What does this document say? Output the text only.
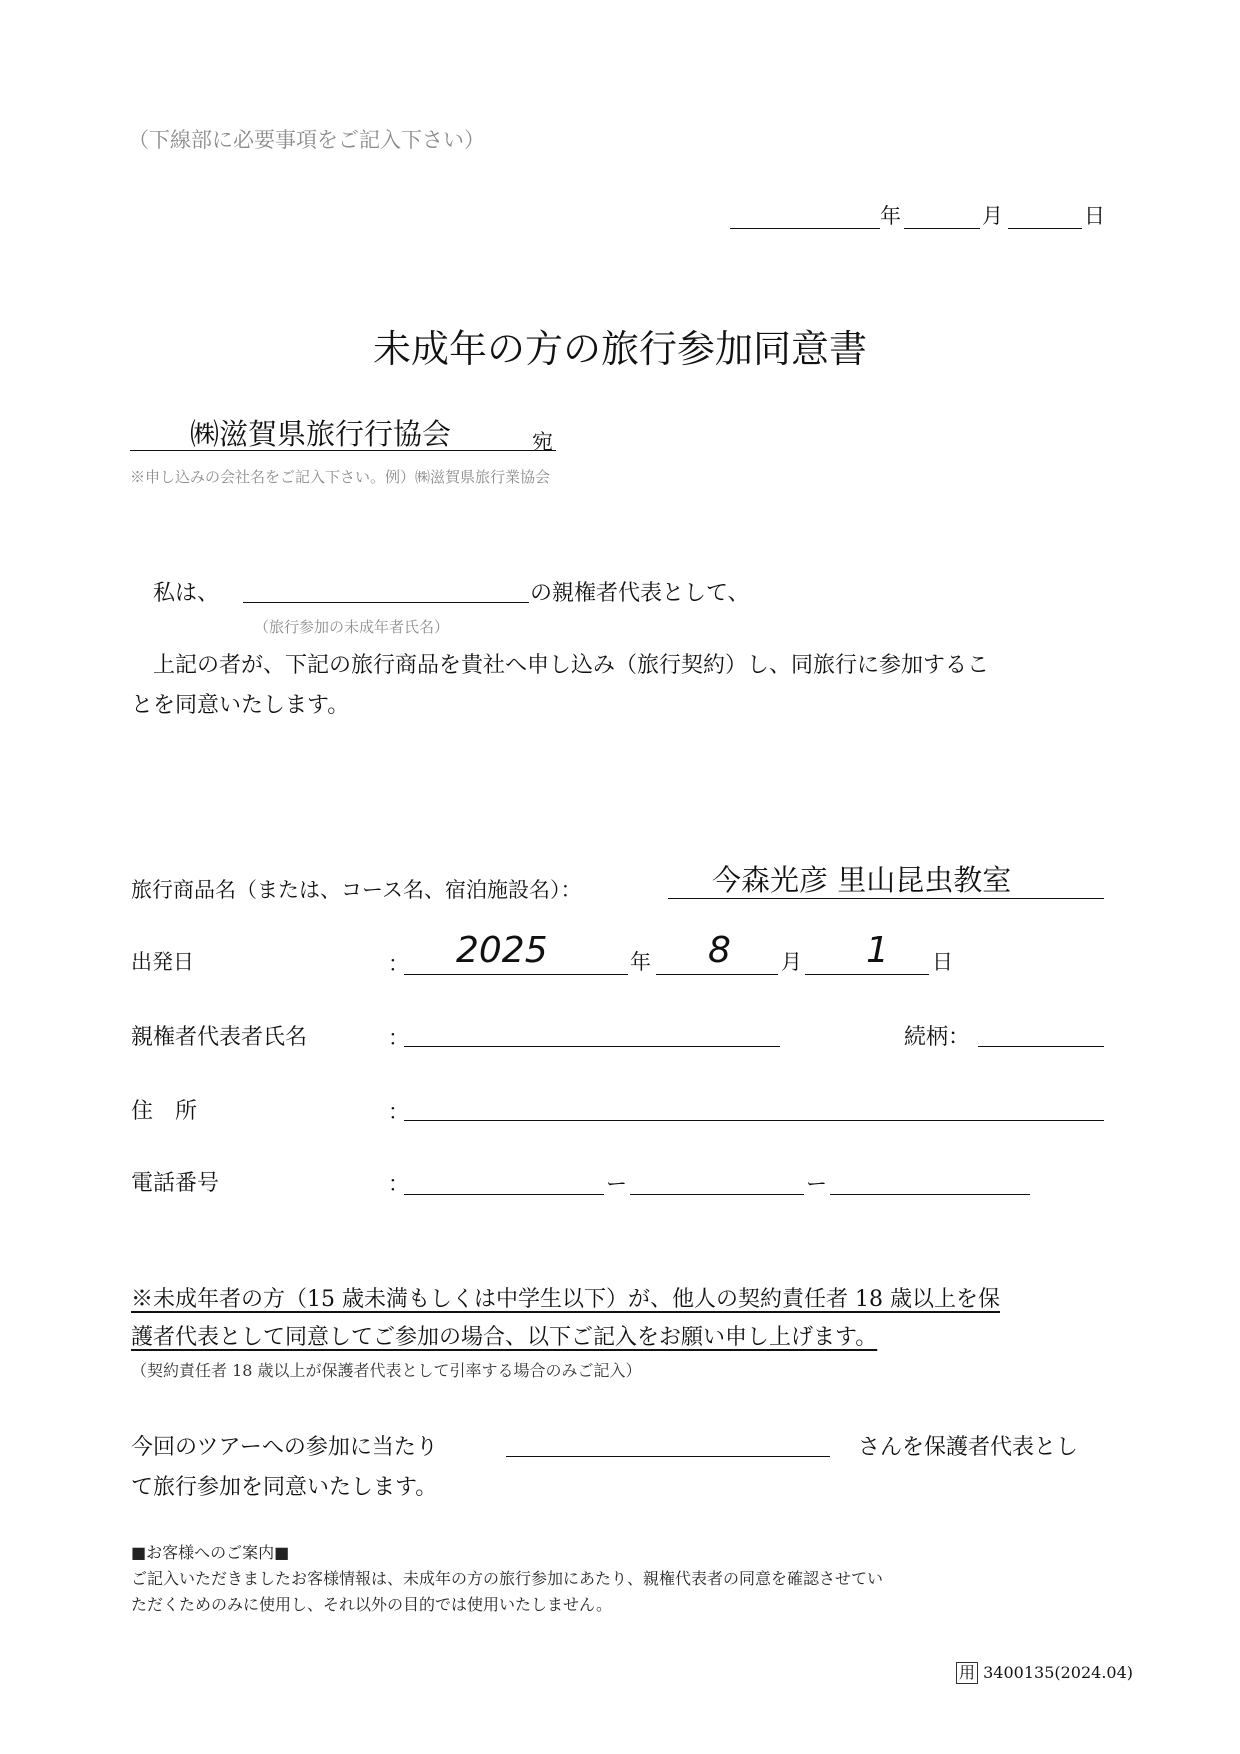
（下線部に必要事項をご記入下さい）
年	月	日
未成年の方の旅行参加同意書
㈱滋賀県旅行行協会	宛
※申し込みの会社名をご記入下さい。例）㈱滋賀県旅行業協会
私は、	の親権者代表として、
（旅行参加の未成年者氏名）
上記の者が、下記の旅行商品を貴社へ申し込み（旅行契約）し、同旅行に参加するこ
とを同意いたします。
旅行商品名（または、コース名、宿泊施設名）：	今森光彦 里山昆虫教室
出発日	： 2025	年 8 月 1 日
親権者代表者氏名	：	続柄：
住　所	：
電話番号	：	ー	ー
※未成年者の方（15 歳未満もしくは中学生以下）が、他人の契約責任者 18 歳以上を保
護者代表として同意してご参加の場合、以下ご記入をお願い申し上げます。
（契約責任者 18 歳以上が保護者代表として引率する場合のみご記入）
今回のツアーへの参加に当たり	さんを保護者代表とし
て旅行参加を同意いたします。
■お客様へのご案内■
ご記入いただきましたお客様情報は、未成年の方の旅行参加にあたり、親権代表者の同意を確認させてい
ただくためのみに使用し、それ以外の目的では使用いたしません。
用 3400135(2024.04)
